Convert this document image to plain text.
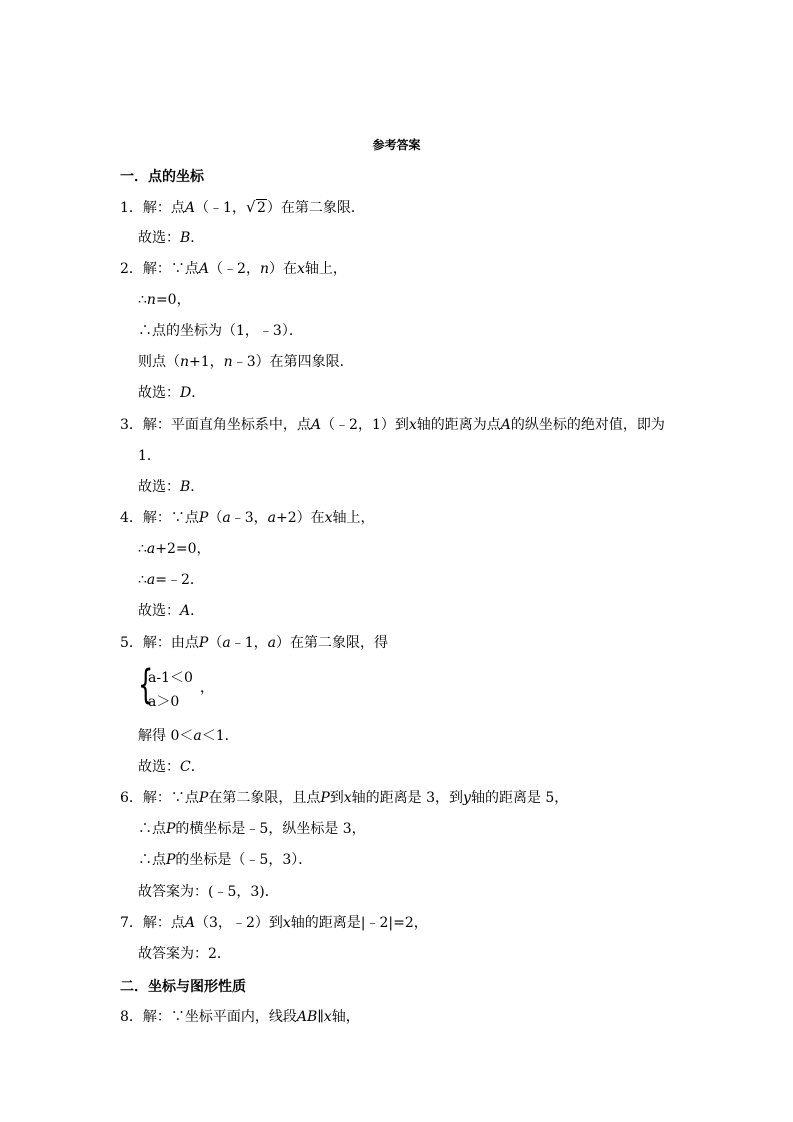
参考答案
一．点的坐标
1．解：点A（﹣1， √ 2）在第二象限．
故选：B．
2．解：∵点A（﹣2，n）在x轴上，
∴n=0，
∴点的坐标为（1，﹣3）．
则点（n+1，n﹣3）在第四象限．
故选：D．
3．解：平面直角坐标系中，点A（﹣2，1）到x轴的距离为点A的纵坐标的绝对值，即为
1．
故选：B．
4．解：∵点P（a﹣3，a+2）在x轴上，
∴a+2=0，
∴a=﹣2．
故选：A．
5．解：由点P（a﹣1，a）在第二象限，得
{
a-1＜0
a＞0
，
解得 0＜a＜1．
故选：C．
6．解：∵点P在第二象限，且点P到x轴的距离是 3，到y轴的距离是 5，
∴点P的横坐标是﹣5，纵坐标是 3，
∴点P的坐标是（﹣5，3）．
故答案为：(﹣5，3)．
7．解：点A（3，﹣2）到x轴的距离是|﹣2|=2，
故答案为：2．
二．坐标与图形性质
8．解：∵坐标平面内，线段AB∥x轴，
